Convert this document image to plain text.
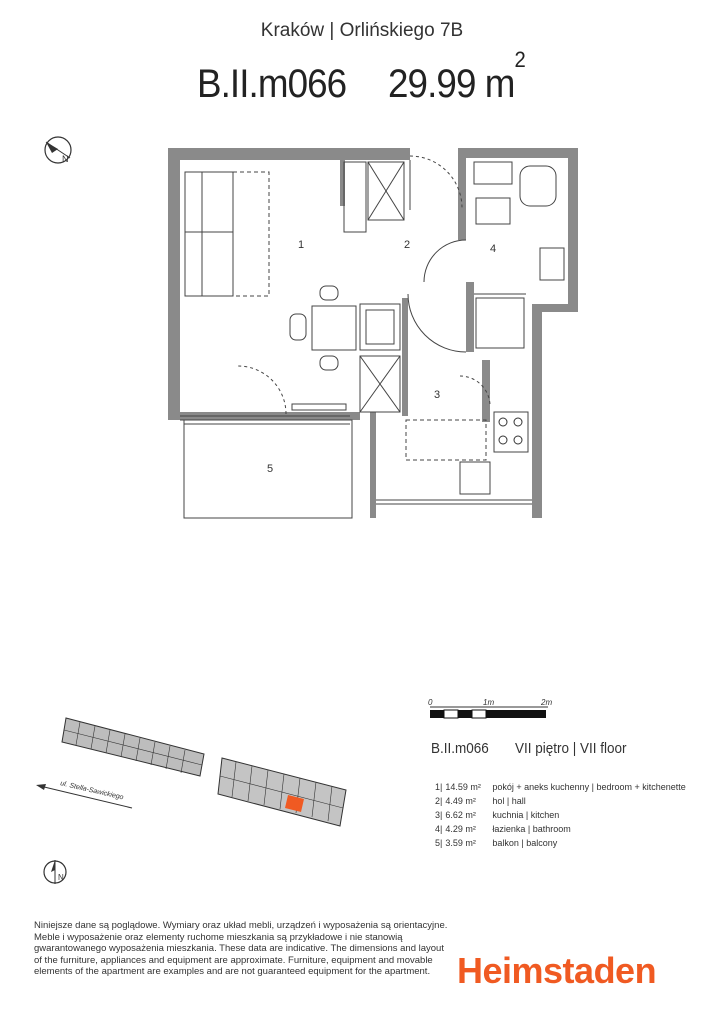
Kraków | Orlińskiego 7B
B.II.m066 29.99 $m^2$
N
1	2
3
4
5
0	1m	2m
ul. Stella-Sawickiego
N
B.II.m066 VII piętro | VII floor
1	|	14.59 m²	pokój + aneks kuchenny | bedroom + kitchenette
2	|	4.49 m²	hol | hall
3	|	6.62 m²	kuchnia | kitchen
4	|	4.29 m²	łazienka | bathroom
5	|	3.59 m²	balkon | balcony
Niniejsze dane są poglądowe. Wymiary oraz układ mebli, urządzeń i wyposażenia są orientacyjne. Meble i wyposażenie oraz elementy ruchome mieszkania są przykładowe i nie stanowią gwarantowanego wyposażenia mieszkania. These data are indicative. The dimensions and layout of the furniture, appliances and equipment are approximate. Furniture, equipment and movable elements of the apartment are examples and are not guaranteed equipment for the apartment. Heimstaden
